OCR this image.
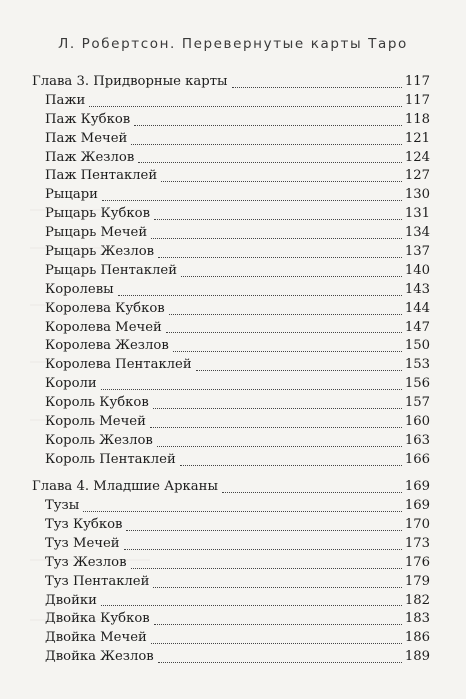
Л. Робертсон. Перевернутые карты Таро
Глава 3. Придворные карты	117
Пажи	117
Паж Кубков	118
Паж Мечей	121
Паж Жезлов	124
Паж Пентаклей	127
Рыцари	130
Рыцарь Кубков	131
Рыцарь Мечей	134
Рыцарь Жезлов	137
Рыцарь Пентаклей	140
Королевы	143
Королева Кубков	144
Королева Мечей	147
Королева Жезлов	150
Королева Пентаклей	153
Короли	156
Король Кубков	157
Король Мечей	160
Король Жезлов	163
Король Пентаклей	166
Глава 4. Младшие Арканы	169
Тузы	169
Туз Кубков	170
Туз Мечей	173
Туз Жезлов	176
Туз Пентаклей	179
Двойки	182
Двойка Кубков	183
Двойка Мечей	186
Двойка Жезлов	189
